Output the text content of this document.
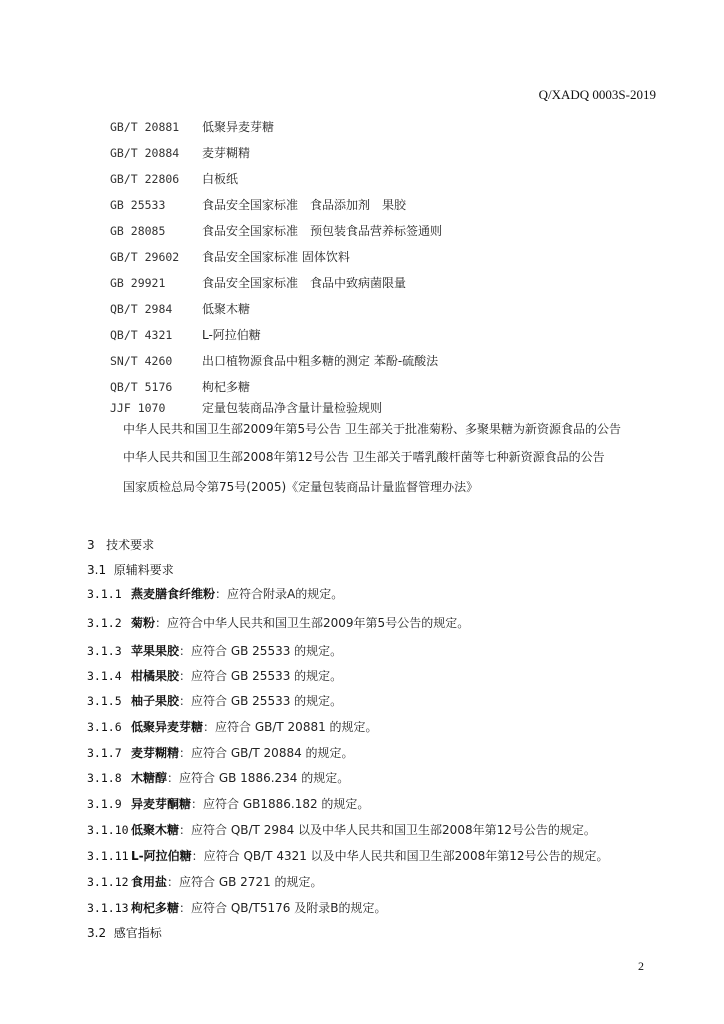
Q/XADQ 0003S-2019
GB/T 20881	低聚异麦芽糖
GB/T 20884	麦芽糊精
GB/T 22806	白板纸
GB 25533	食品安全国家标准　食品添加剂　果胶
GB 28085	食品安全国家标准　预包装食品营养标签通则
GB/T 29602	食品安全国家标准 固体饮料
GB 29921	食品安全国家标准　食品中致病菌限量
QB/T 2984	低聚木糖
QB/T 4321	L-阿拉伯糖
SN/T 4260	出口植物源食品中粗多糖的测定 苯酚-硫酸法
QB/T 5176	枸杞多糖
JJF 1070	定量包装商品净含量计量检验规则
中华人民共和国卫生部2009年第5号公告 卫生部关于批准菊粉、多聚果糖为新资源食品的公告
中华人民共和国卫生部2008年第12号公告 卫生部关于嗜乳酸杆菌等七种新资源食品的公告
国家质检总局令第75号(2005)《定量包装商品计量监督管理办法》
3 技术要求
3.1 原辅料要求
3.1.1 燕麦膳食纤维粉：应符合附录A的规定。
3.1.2 菊粉：应符合中华人民共和国卫生部2009年第5号公告的规定。
3.1.3 苹果果胶：应符合 GB 25533 的规定。
3.1.4 柑橘果胶：应符合 GB 25533 的规定。
3.1.5 柚子果胶：应符合 GB 25533 的规定。
3.1.6 低聚异麦芽糖：应符合 GB/T 20881 的规定。
3.1.7 麦芽糊精：应符合 GB/T 20884 的规定。
3.1.8 木糖醇：应符合 GB 1886.234 的规定。
3.1.9 异麦芽酮糖：应符合 GB1886.182 的规定。
3.1.10 低聚木糖：应符合 QB/T 2984 以及中华人民共和国卫生部2008年第12号公告的规定。
3.1.11 L-阿拉伯糖：应符合 QB/T 4321 以及中华人民共和国卫生部2008年第12号公告的规定。
3.1.12 食用盐：应符合 GB 2721 的规定。
3.1.13 枸杞多糖：应符合 QB/T5176 及附录B的规定。
3.2 感官指标
2
